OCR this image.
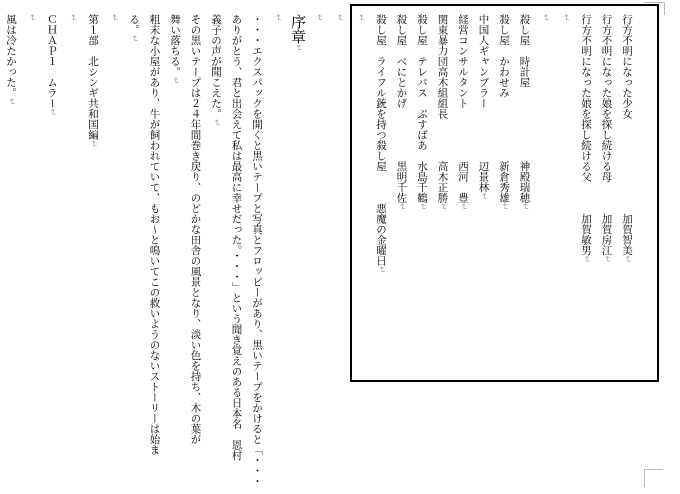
行方不明になった少女　　　　　　　　　加賀智美↵
行方不明になった娘を探し続ける母　　　加賀房江↵
行方不明になった娘を探し続ける父　　　加賀敏男↵
↵
↵
殺し屋　時計屋　　　　　　　神殿瑞穂↵
殺し屋　かわせみ　　　　　　新倉秀雄↵
中国人ギャンブラー　　　　　辺景林↵
経営コンサルタント　　　　　西河　豊↵
関東暴力団高木組組長　　　　高木正勝↵
殺し屋　テレパス　ぶすばあ　水島千鶴↵
殺し屋　べにとかげ　　　　　黒明千佐↵
殺し屋　ライフル銃を持つ殺し屋　　　悪魔の金曜日↵
↵
↵
↵
序章↵
↵
・・・エクスパックを開くと黒いテープと写真とフロッピーがあり、黒いテープをかけると「・・・
ありがとう、君と出会えて私は最高に幸せだった。・・・」という聞き覚えのある日本名　恩村
義子の声が聞こえた。↵
その黒いテープは２４年間巻き戻り、のどかな田舎の風景となり、淡い色を持ち、木の葉が
舞い落ちる。↵
粗末な小屋があり、牛が飼われていて、もお～と鳴いてこの救いようのないストーリーは始ま
る。↵
↵
第１部　北シンギ共和国編↵
↵
ＣＨＡＰ１　ムラー↵
↵
風は冷たかった。↵
